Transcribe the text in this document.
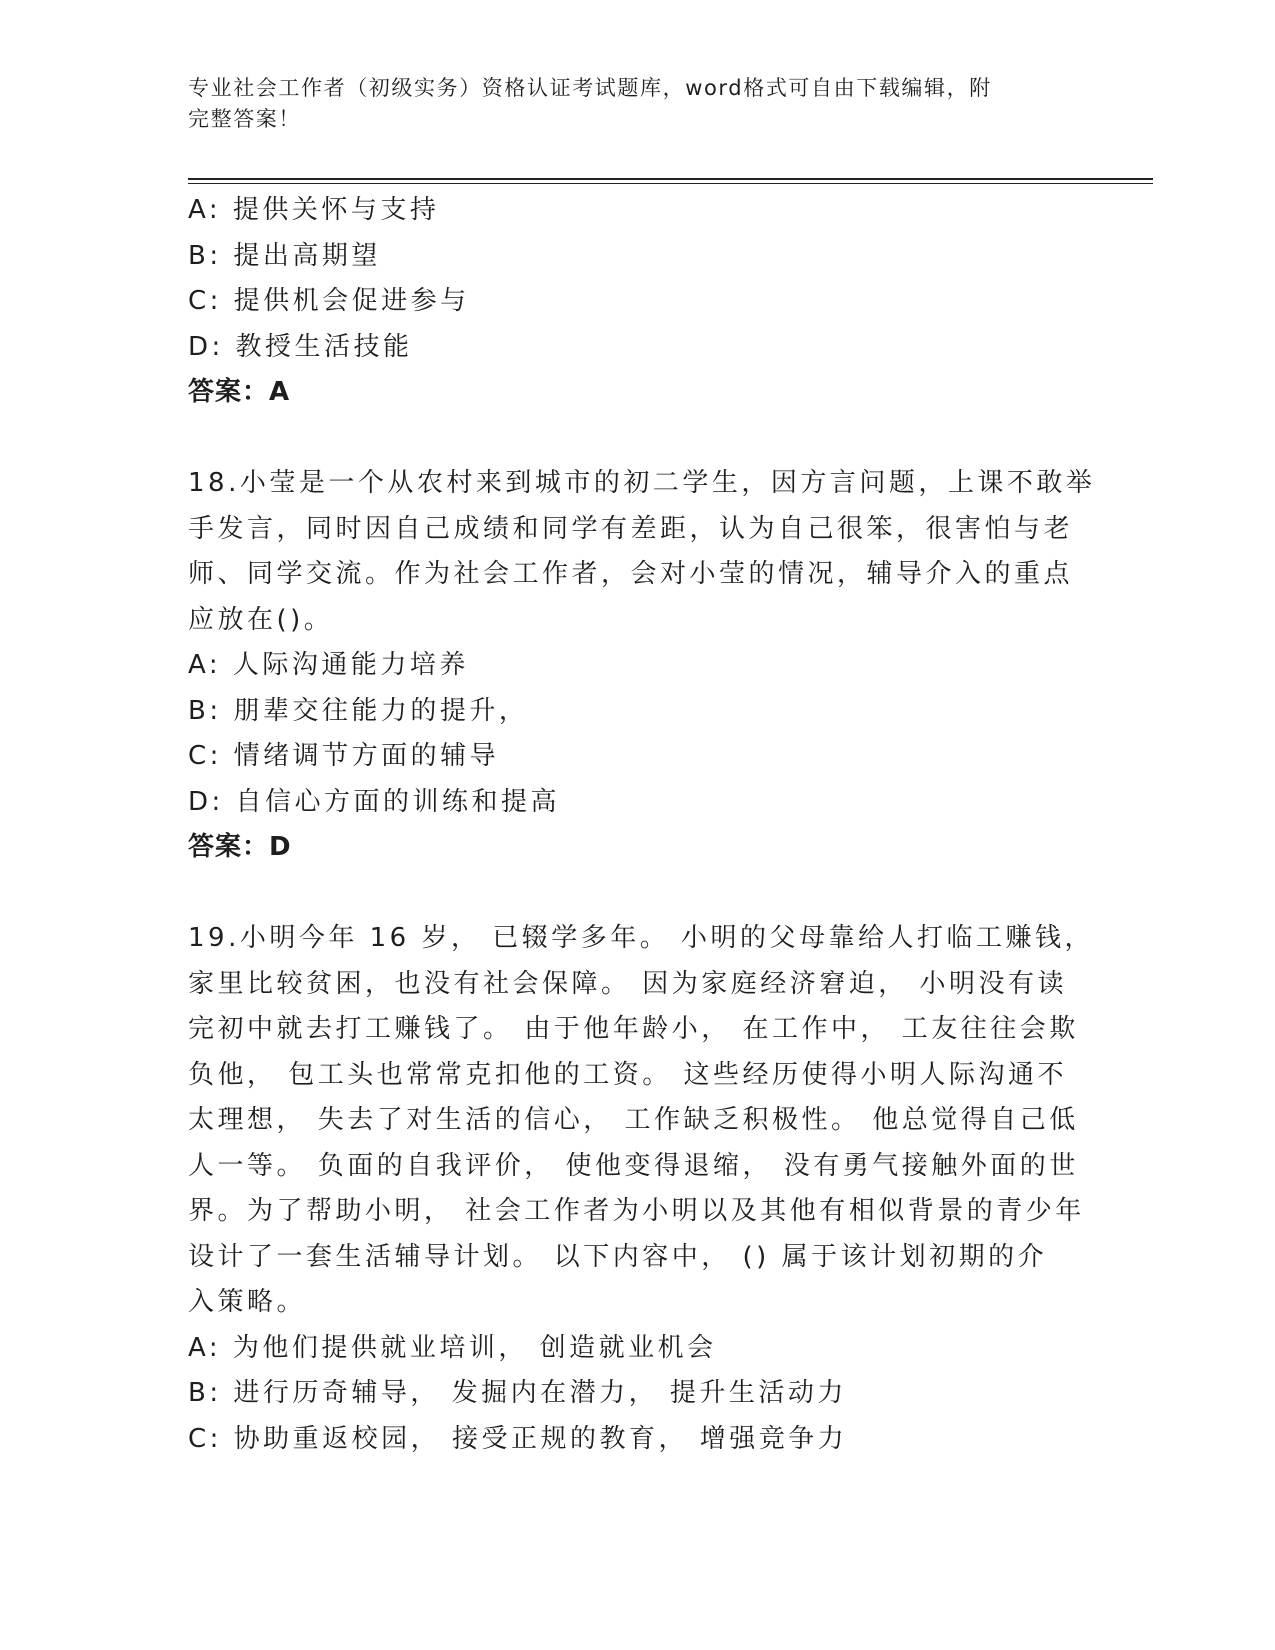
专业社会工作者（初级实务）资格认证考试题库，word格式可自由下载编辑，附
完整答案！
A: 提供关怀与支持
B: 提出高期望
C: 提供机会促进参与
D: 教授生活技能
答案：A
18.小莹是一个从农村来到城市的初二学生，因方言问题，上课不敢举
手发言，同时因自己成绩和同学有差距，认为自己很笨，很害怕与老
师、同学交流。作为社会工作者，会对小莹的情况，辅导介入的重点
应放在()。
A: 人际沟通能力培养
B: 朋辈交往能力的提升，
C: 情绪调节方面的辅导
D: 自信心方面的训练和提高
答案：D
19.小明今年 16 岁， 已辍学多年。 小明的父母靠给人打临工赚钱，
家里比较贫困，也没有社会保障。 因为家庭经济窘迫， 小明没有读
完初中就去打工赚钱了。 由于他年龄小， 在工作中， 工友往往会欺
负他， 包工头也常常克扣他的工资。 这些经历使得小明人际沟通不
太理想， 失去了对生活的信心， 工作缺乏积极性。 他总觉得自己低
人一等。 负面的自我评价， 使他变得退缩， 没有勇气接触外面的世
界。为了帮助小明， 社会工作者为小明以及其他有相似背景的青少年
设计了一套生活辅导计划。 以下内容中， () 属于该计划初期的介
入策略。
A: 为他们提供就业培训， 创造就业机会
B: 进行历奇辅导， 发掘内在潜力， 提升生活动力
C: 协助重返校园， 接受正规的教育， 增强竞争力
